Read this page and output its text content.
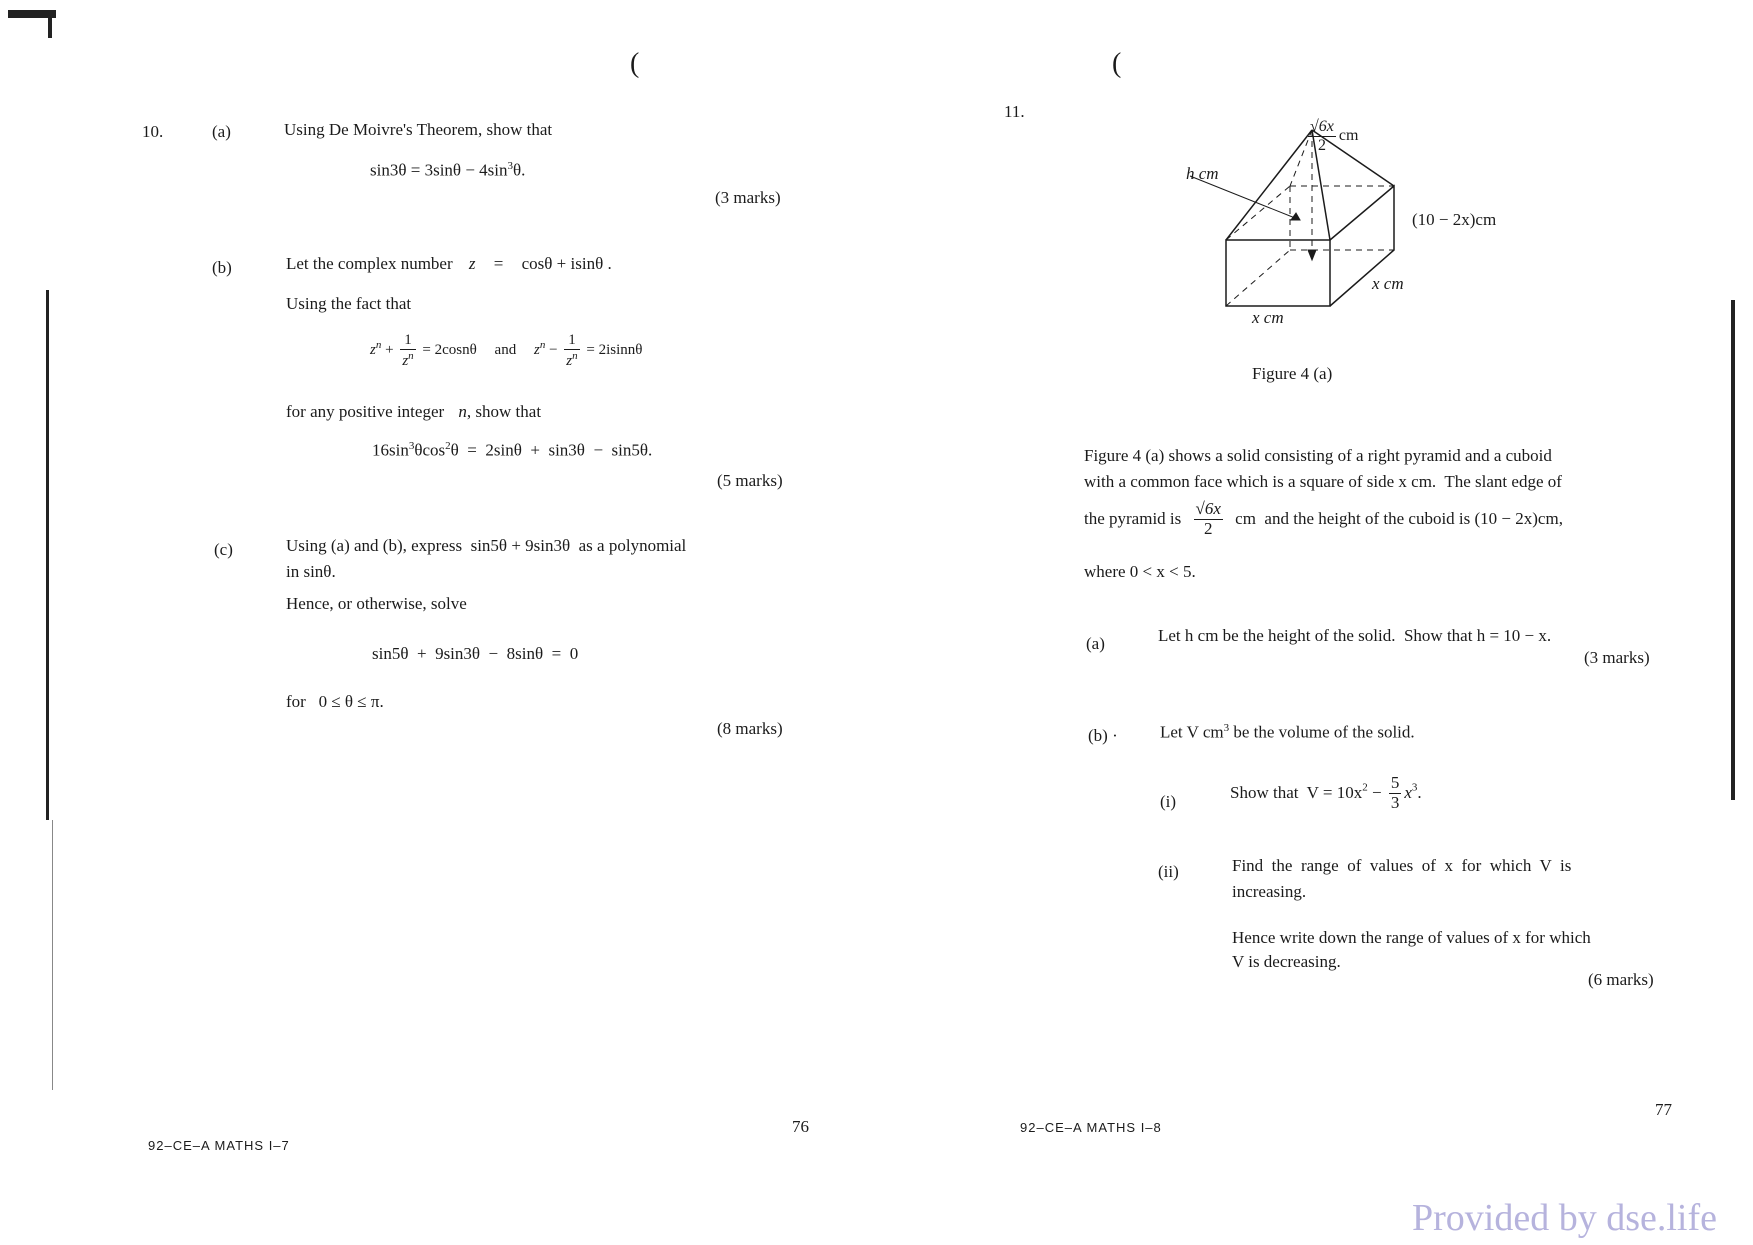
(
10.	(a)	Using De Moivre's Theorem, show that
$\sin 3\theta = 3\sin\theta - 4\sin^3\theta$.
(3 marks)
(b)	Let the complex number z = cosθ + isinθ .
Using the fact that
$z^n + \frac{1}{z^n} = 2\cos n\theta$ and $z^n - \frac{1}{z^n} = 2isinn\theta$
for any positive integer n, show that
$16\sin^3\theta\cos^2\theta = 2\sin\theta + \sin 3\theta - \sin 5\theta$.
(5 marks)
(c)	Using (a) and (b), express  sin5θ + 9sin3θ  as a polynomial
in sinθ.
Hence, or otherwise, solve
sin5θ  +  9sin3θ  −  8sinθ  =  0
for   0 ≤ θ ≤ π.
(8 marks)
76
92–CE–A MATHS I–7
(
11.
$\frac{√6x}{2}$ cm
h cm
(10 − 2x)cm
x cm
x cm
Figure 4 (a)
Figure 4 (a) shows a solid consisting of a right pyramid and a cuboid
with a common face which is a square of side x cm.  The slant edge of
the pyramid is $\frac{√6x}{2}$ cm  and the height of the cuboid is (10 − 2x)cm,
where 0 < x < 5.
(a)	Let h cm be the height of the solid.  Show that h = 10 − x.
(3 marks)
(b) · Let V $cm^3$ be the volume of the solid.
(i)	Show that  $V = 10x^2 - \frac{5}{3} x^3$.
(ii)	Find  the  range  of  values  of  x  for  which  V  is
increasing.
Hence write down the range of values of x for which
V is decreasing.
(6 marks)
77
92–CE–A MATHS I–8
Provided by dse.life
